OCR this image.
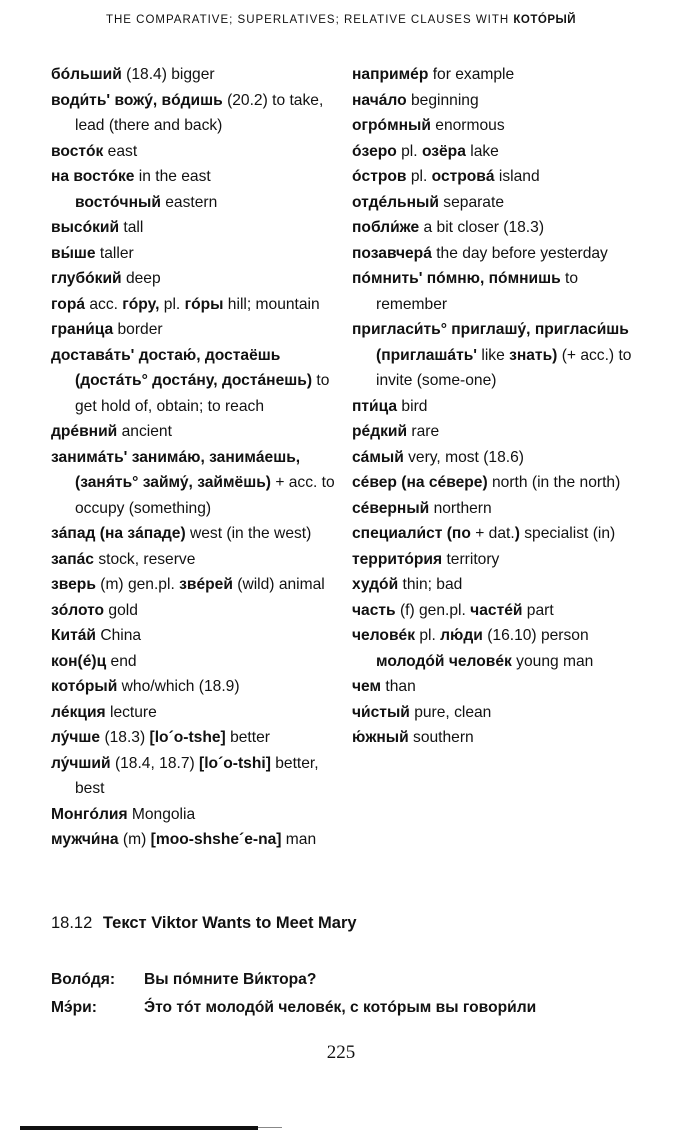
THE COMPARATIVE; SUPERLATIVES; RELATIVE CLAUSES WITH КОТÓРЫЙ
бóльший (18.4) bigger
води́ть' вожу́, вóдишь (20.2) to take, lead (there and back)
востóк east
на востóке in the east
востóчный eastern
высóкий tall
вы́ше taller
глубóкий deep
горá acc. гóру, pl. гóры hill; mountain
грани́ца border
доставáть' достаю́, достаёшь (достáть° достáну, достáнешь) to get hold of, obtain; to reach
дрéвний ancient
занимáть' занимáю, занимáешь, (заня́ть° займу́, займёшь) + acc. to occupy (something)
зáпад (на зáпаде) west (in the west)
запáс stock, reserve
зверь (m) gen.pl. звéрей (wild) animal
зóлото gold
Китáй China
кон(é)ц end
котóрый who/which (18.9)
лéкция lecture
лу́чше (18.3) [lo´o-tshe] better
лу́чший (18.4, 18.7) [lo´o-tshi] better, best
Монгóлия Mongolia
мужчи́на (m) [moo-shshe´e-na] man
напримéр for example
начáло beginning
огрóмный enormous
óзеро pl. озёра lake
óстров pl. островá island
отдéльный separate
побли́же a bit closer (18.3)
позавчерá the day before yesterday
пóмнить' пóмню, пóмнишь to remember
пригласи́ть° приглашу́, пригласи́шь (приглашáть' like знать) (+ acc.) to invite (some-one)
пти́ца bird
рéдкий rare
сáмый very, most (18.6)
сéвер (на сéвере) north (in the north)
сéверный northern
специали́ст (по + dat.) specialist (in)
террито́рия territory
худóй thin; bad
часть (f) gen.pl. частéй part
человéк pl. лю́ди (16.10) person
молодóй человéк young man
чем than
чи́стый pure, clean
ю́жный southern
18.12 Текст Viktor Wants to Meet Mary
Волóдя:	Вы пóмните Ви́ктора?
Мэ́ри:	Э́то тóт молодóй человéк, с котóрым вы говори́ли
225
